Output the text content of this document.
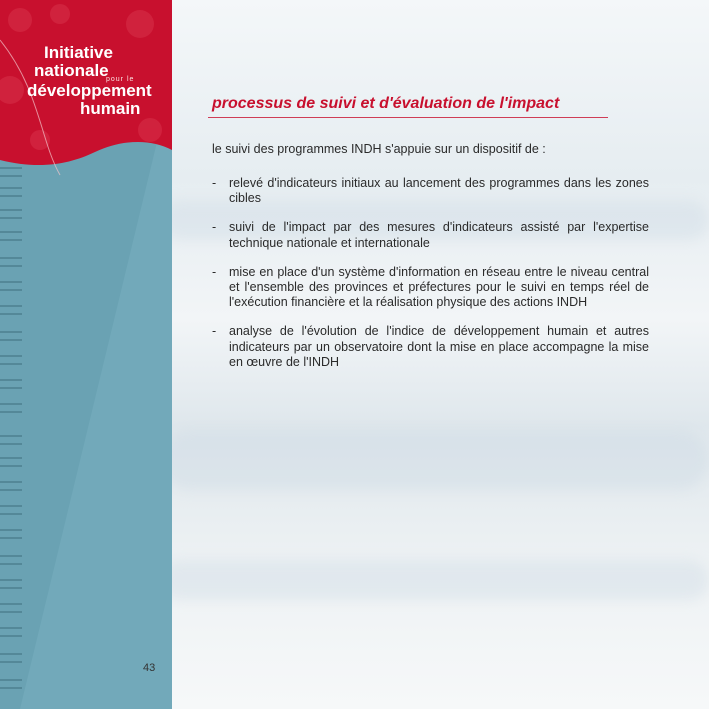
Initiative
nationale
pour le
développement
humain	processus de suivi et d'évaluation de l'impact
le suivi des programmes INDH s'appuie sur un dispositif de :
- relevé d'indicateurs initiaux au lancement des programmes dans les zones cibles
- suivi de l'impact par des mesures d'indicateurs assisté par l'expertise technique nationale et internationale
- mise en place d'un système d'information en réseau entre le niveau central et l'ensemble des provinces et préfectures pour le suivi en temps réel de l'exécution financière et la réalisation physique des actions INDH
- analyse de l'évolution de l'indice de développement humain et autres indicateurs par un observatoire dont la mise en place accompagne la mise en œuvre de l'INDH
43
